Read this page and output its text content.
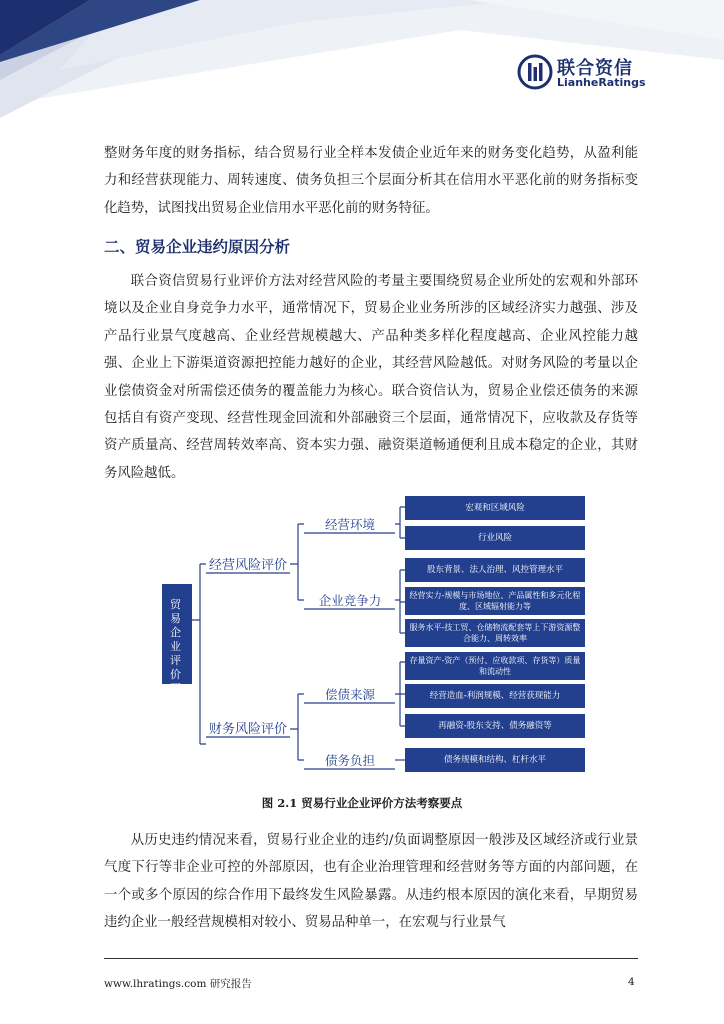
联合资信
LianheRatings

整财务年度的财务指标，结合贸易行业全样本发债企业近年来的财务变化趋势，从盈利能力和经营获现能力、周转速度、债务负担三个层面分析其在信用水平恶化前的财务指标变化趋势，试图找出贸易企业信用水平恶化前的财务特征。

二、贸易企业违约原因分析

联合资信贸易行业评价方法对经营风险的考量主要围绕贸易企业所处的宏观和外部环境以及企业自身竞争力水平，通常情况下，贸易企业业务所涉的区域经济实力越强、涉及产品行业景气度越高、企业经营规模越大、产品种类多样化程度越高、企业风控能力越强、企业上下游渠道资源把控能力越好的企业，其经营风险越低。对财务风险的考量以企业偿债资金对所需偿还债务的覆盖能力为核心。联合资信认为，贸易企业偿还债务的来源包括自有资产变现、经营性现金回流和外部融资三个层面，通常情况下，应收款及存货等资产质量高、经营周转效率高、资本实力强、融资渠道畅通便利且成本稳定的企业，其财务风险越低。

贸易企业评价要点
经营风险评价
财务风险评价
经营环境
企业竞争力
偿债来源
债务负担
宏观和区域风险
行业风险
股东背景、法人治理、风控管理水平
经营实力-规模与市场地位、产品属性和多元化程度、区域辐射能力等
服务水平-技工贸、仓储物流配套等上下游资源整合能力、周转效率
存量资产-资产（预付、应收款项、存货等）质量和流动性
经营造血-利润规模、经营获现能力
再融资-股东支持、债务融资等
债务规模和结构、杠杆水平

图 2.1 贸易行业企业评价方法考察要点

从历史违约情况来看，贸易行业企业的违约/负面调整原因一般涉及区域经济或行业景气度下行等非企业可控的外部原因，也有企业治理管理和经营财务等方面的内部问题，在一个或多个原因的综合作用下最终发生风险暴露。从违约根本原因的演化来看，早期贸易违约企业一般经营规模相对较小、贸易品种单一，在宏观与行业景气

www.lhratings.com 研究报告	4
